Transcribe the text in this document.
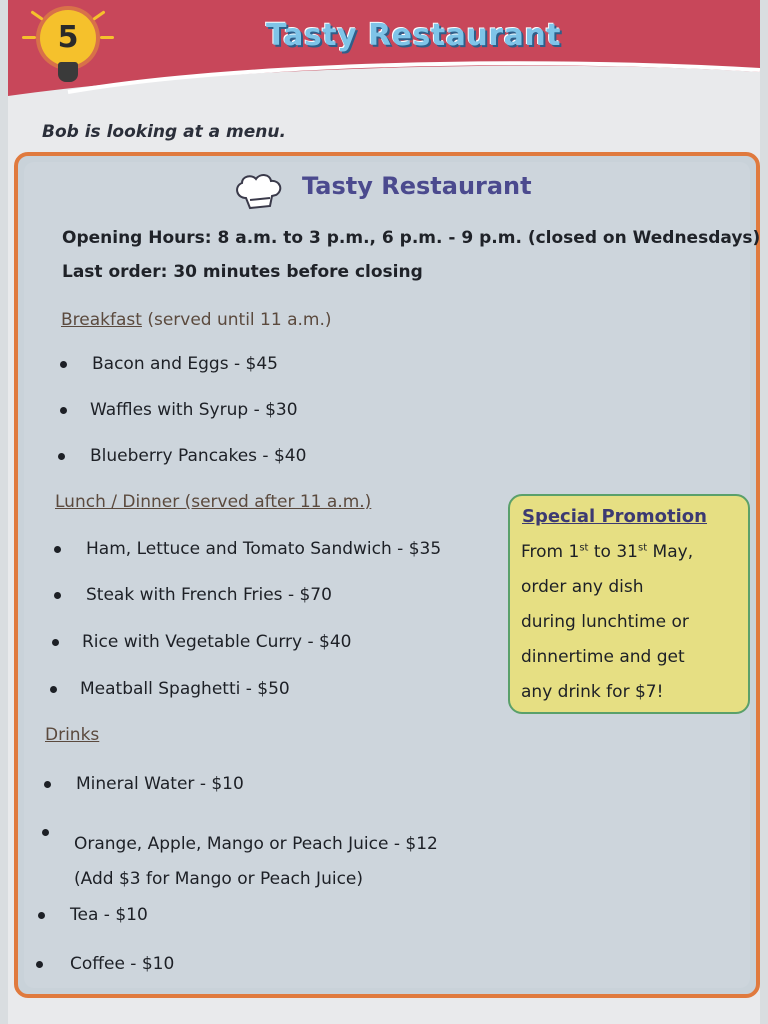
5	Tasty Restaurant
Bob is looking at a menu.
Tasty Restaurant
Opening Hours: 8 a.m. to 3 p.m., 6 p.m. - 9 p.m. (closed on Wednesdays)
Last order: 30 minutes before closing
Breakfast (served until 11 a.m.)
Bacon and Eggs - $45
Waffles with Syrup - $30
Blueberry Pancakes - $40
Lunch / Dinner (served after 11 a.m.)
Ham, Lettuce and Tomato Sandwich - $35
Steak with French Fries - $70
Rice with Vegetable Curry - $40
Meatball Spaghetti - $50
Drinks
Mineral Water - $10
Orange, Apple, Mango or Peach Juice - $12
(Add $3 for Mango or Peach Juice)
Tea - $10
Coffee - $10
Special Promotion
From 1st to 31st May,
order any dish
during lunchtime or
dinnertime and get
any drink for $7!
